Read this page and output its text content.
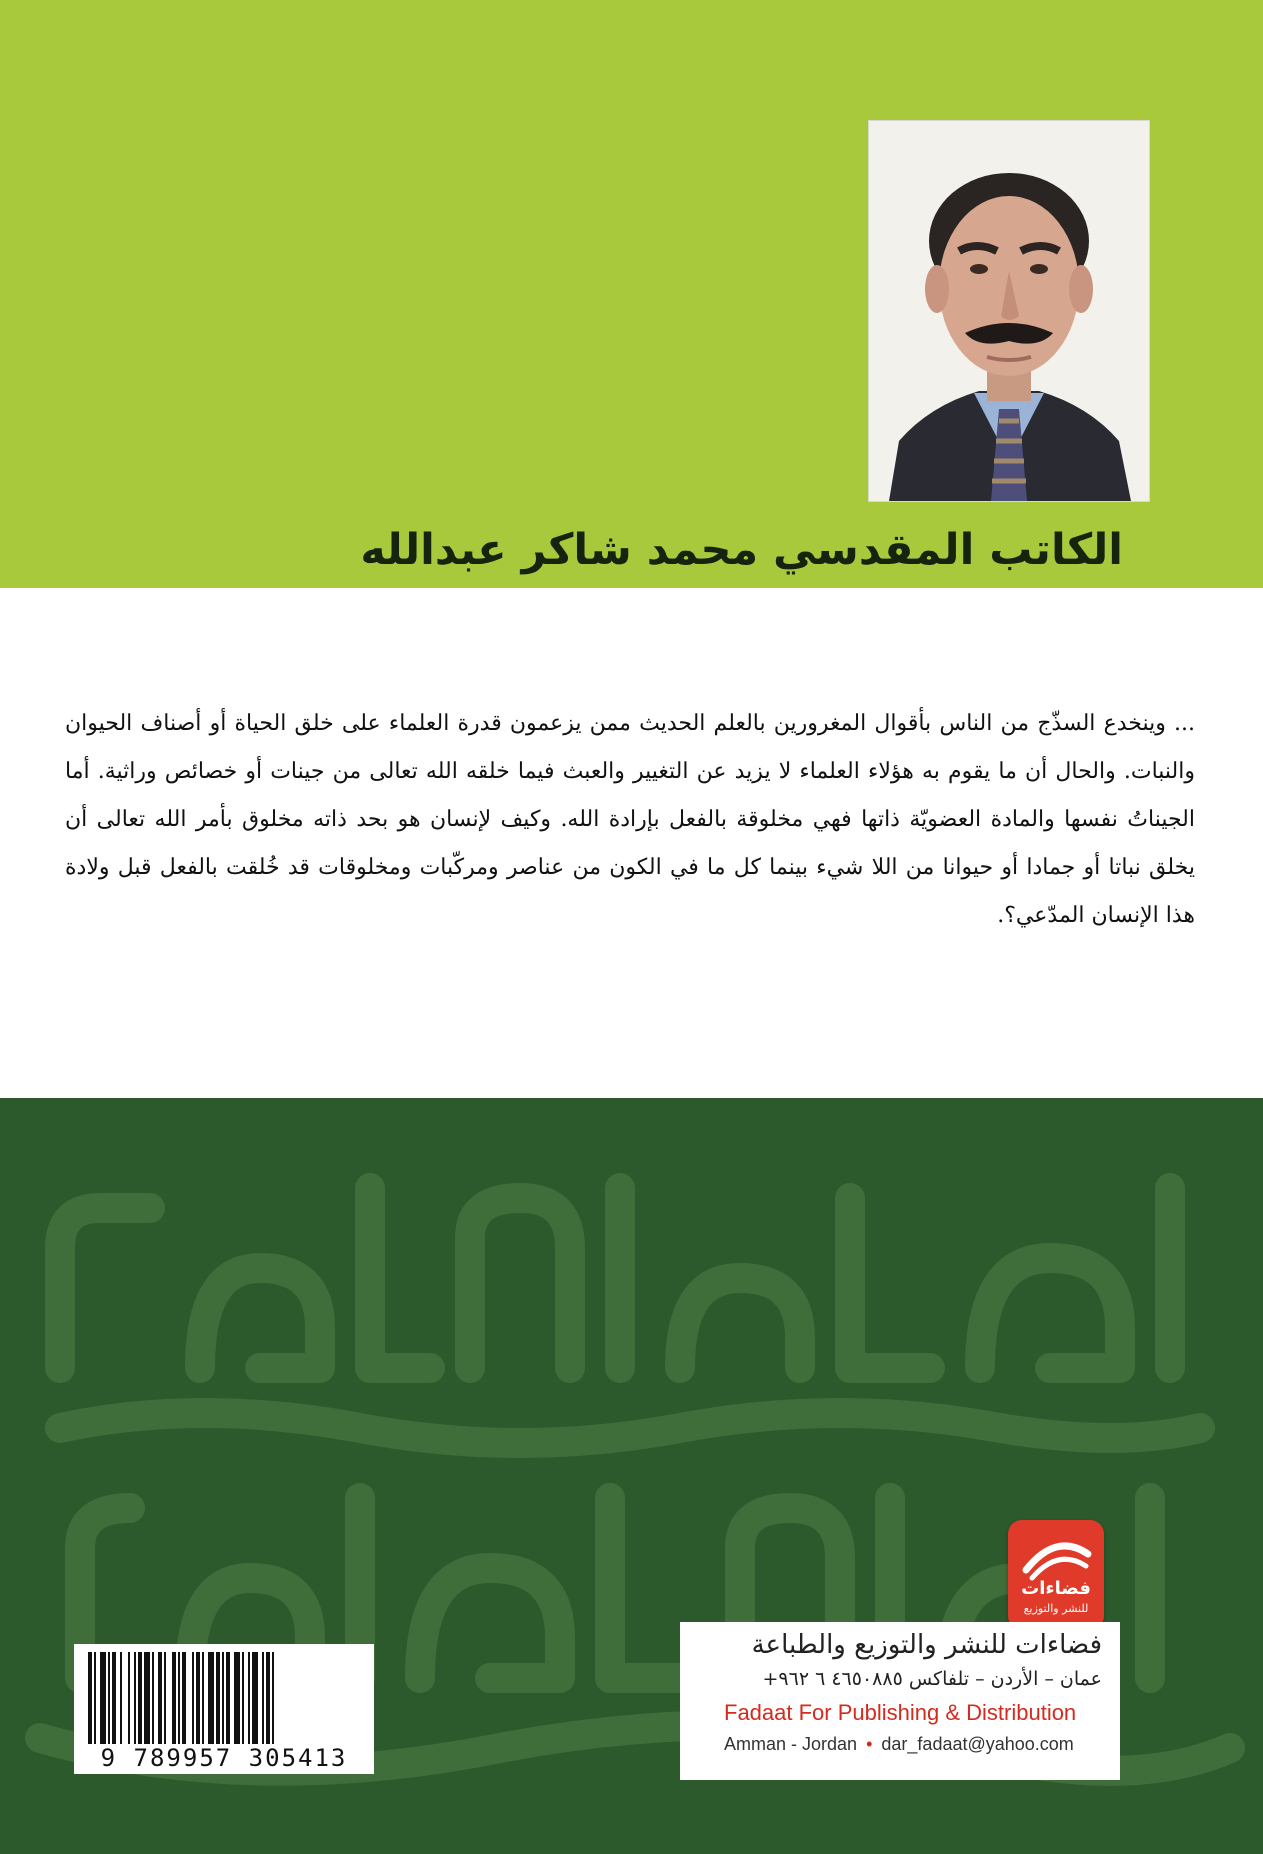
الكاتب المقدسي محمد شاكر عبدالله
... وينخدع السذّج من الناس بأقوال المغرورين بالعلم الحديث ممن يزعمون قدرة العلماء على خلق الحياة أو أصناف الحيوان والنبات. والحال أن ما يقوم به هؤلاء العلماء لا يزيد عن التغيير والعبث فيما خلقه الله تعالى من جينات أو خصائص وراثية. أما الجيناتُ نفسها والمادة العضويّة ذاتها فهي مخلوقة بالفعل بإرادة الله. وكيف لإنسان هو بحد ذاته مخلوق بأمر الله تعالى أن يخلق نباتا أو جمادا أو حيوانا من اللا شيء بينما كل ما في الكون من عناصر ومركّبات ومخلوقات قد خُلقت بالفعل قبل ولادة هذا الإنسان المدّعي؟.
فضاءات
للنشر والتوزيع
فضاءات للنشر والتوزيع والطباعة
عمان – الأردن – تلفاكس ٤٦٥٠٨٨٥ ٦ ٩٦٢+
Fadaat For Publishing & Distribution
Amman - Jordan • dar_fadaat@yahoo.com
9 789957 305413
